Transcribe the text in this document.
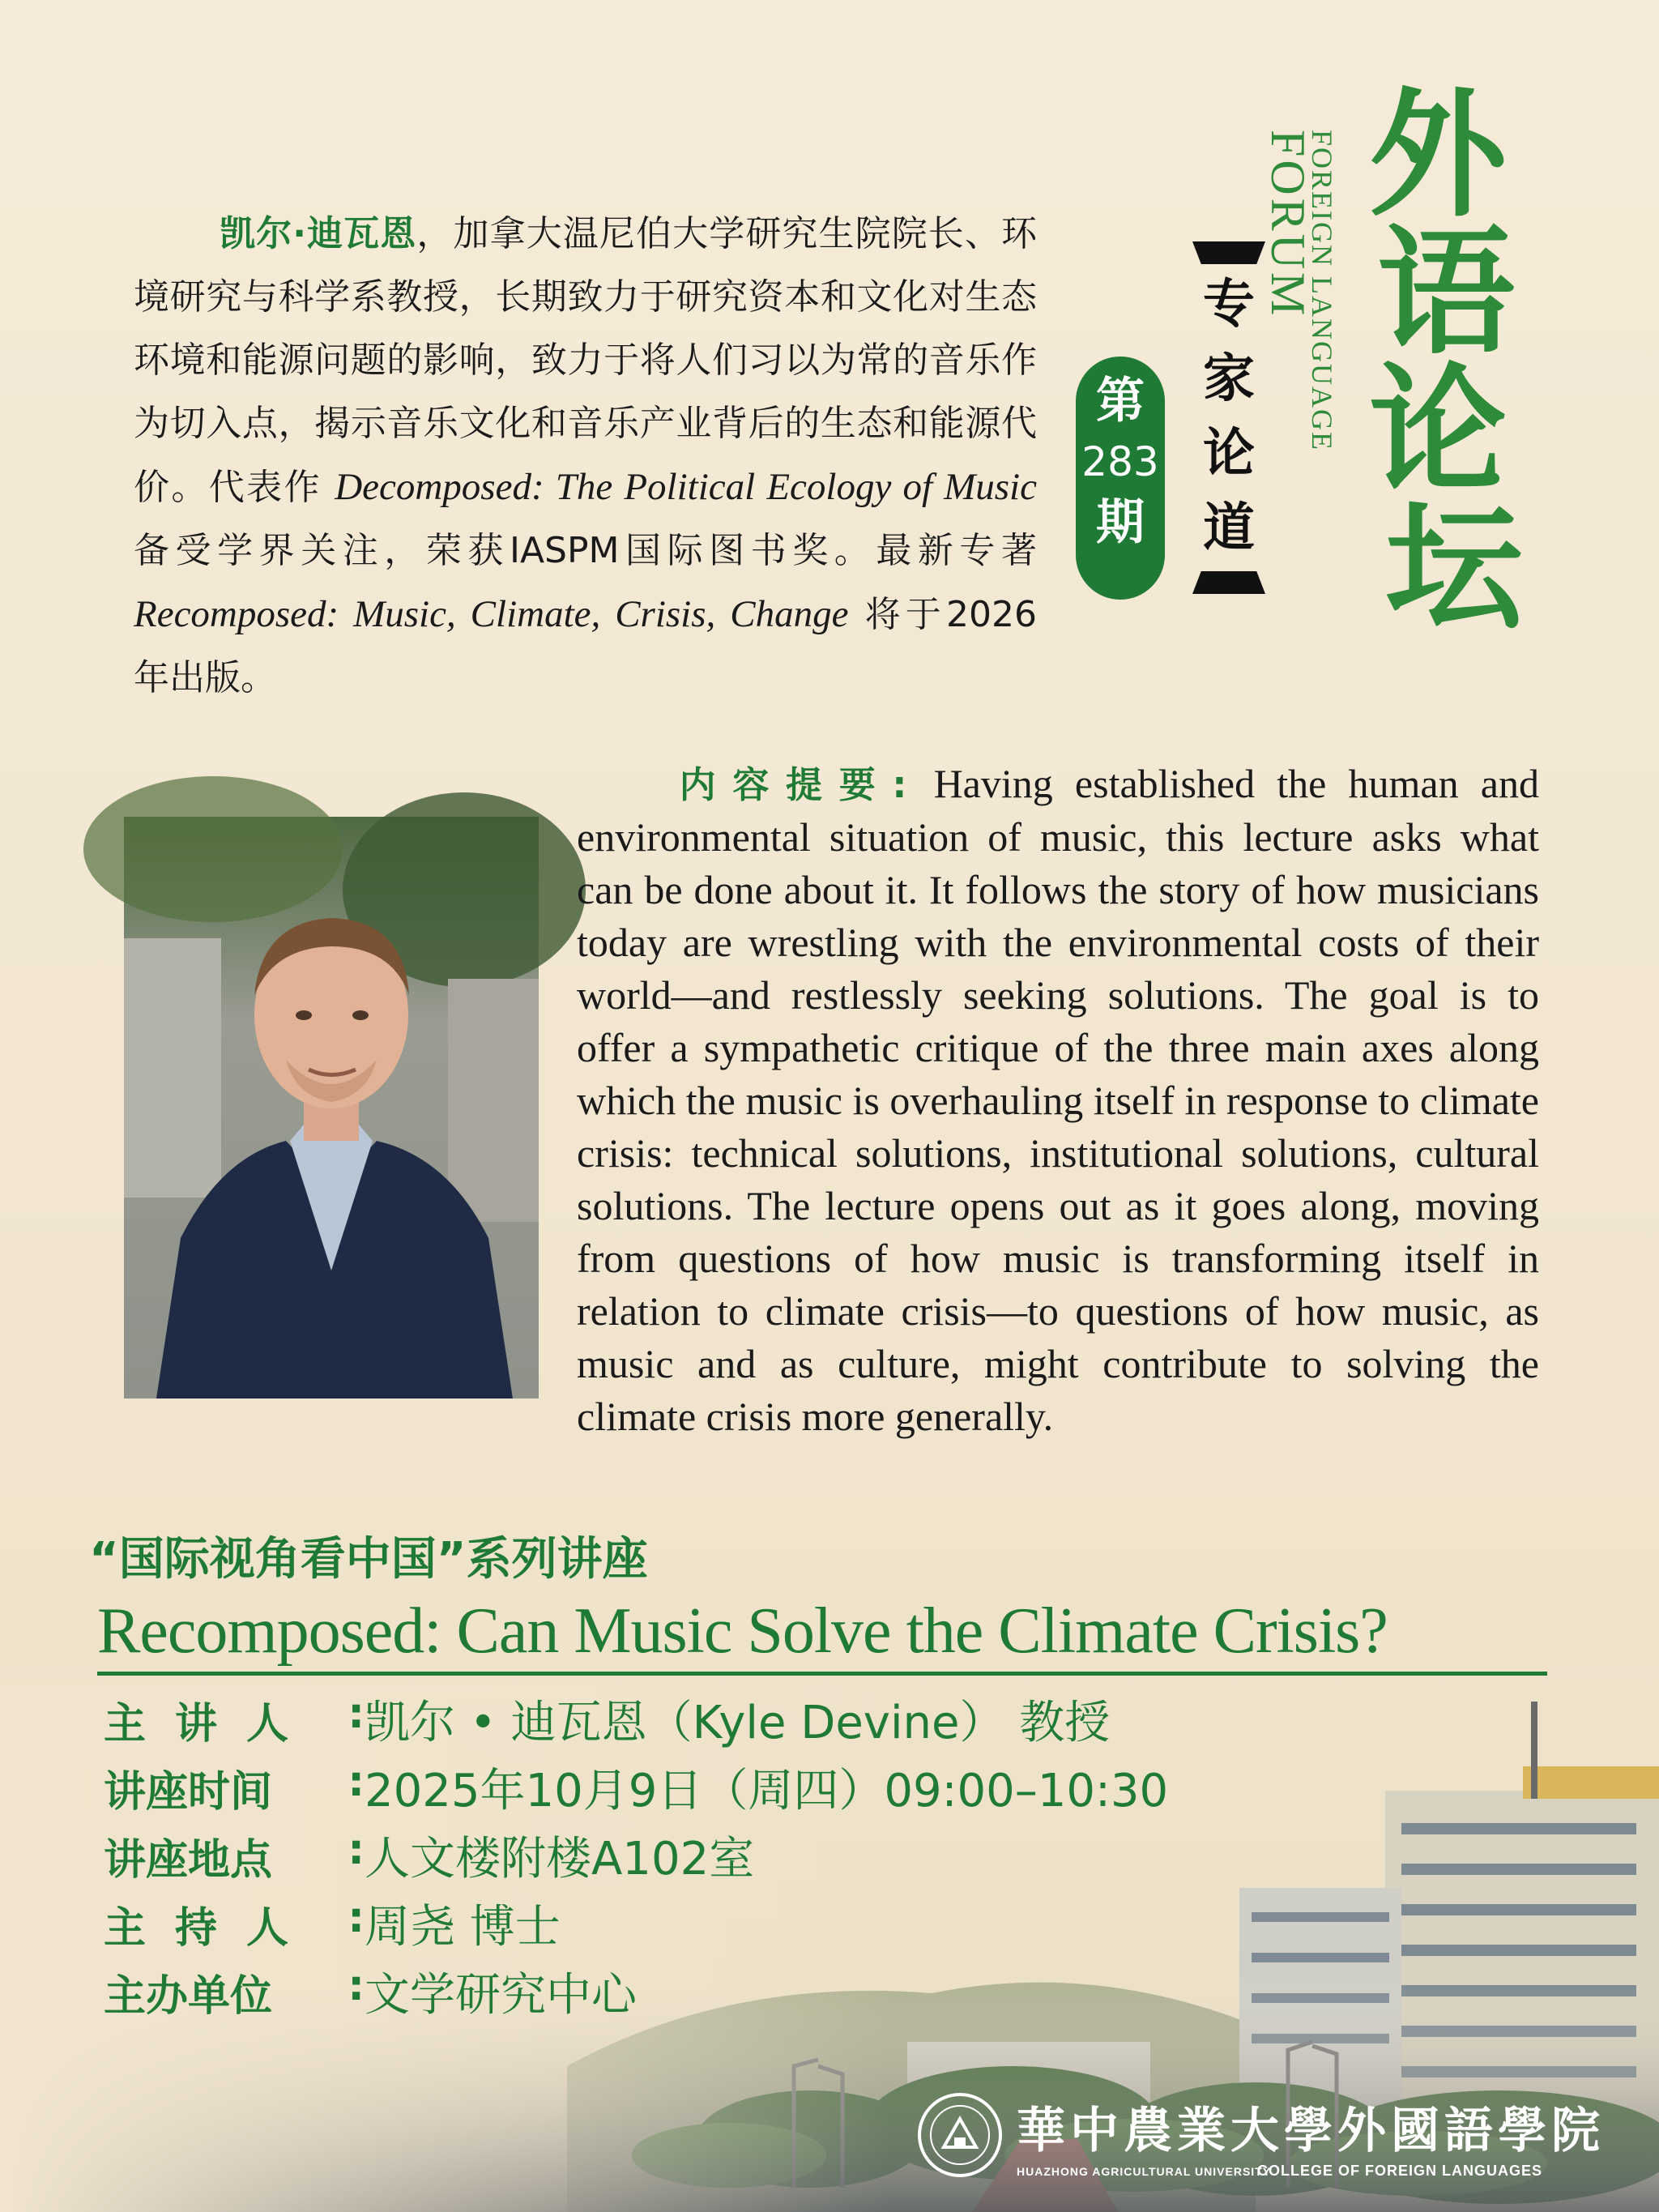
外
语
论
坛
FOREIGN LANGUAGE
FORUM
专
家
论
道
第
283
期
凯尔·迪瓦恩，加拿大温尼伯大学研究生院院长、环境研究与科学系教授，长期致力于研究资本和文化对生态环境和能源问题的影响，致力于将人们习以为常的音乐作为切入点，揭示音乐文化和音乐产业背后的生态和能源代价。代表作 Decomposed: The Political Ecology of Music 备受学界关注，荣获IASPM国际图书奖。最新专著 Recomposed: Music, Climate, Crisis, Change 将于2026年出版。
内容提要: Having established the human and environmental situation of music, this lecture asks what can be done about it. It follows the story of how musicians today are wrestling with the environmental costs of their world—and restlessly seeking solutions. The goal is to offer a sympathetic critique of the three main axes along which the music is overhauling itself in response to climate crisis: technical solutions, institutional solutions, cultural solutions. The lecture opens out as it goes along, moving from questions of how music is transforming itself in relation to climate crisis—to questions of how music, as music and as culture, might contribute to solving the climate crisis more generally.
“国际视角看中国”系列讲座
Recomposed: Can Music Solve the Climate Crisis?
主讲人 : 凯尔 • 迪瓦恩（Kyle Devine） 教授
讲座时间	: 2025年10月9日（周四）09:00–10:30
讲座地点	: 人文楼附楼A102室
主持人 : 周尧 博士
主办单位	: 文学研究中心
華中農業大學外國語學院
HUAZHONG AGRICULTURAL UNIVERSITY
COLLEGE OF FOREIGN LANGUAGES
